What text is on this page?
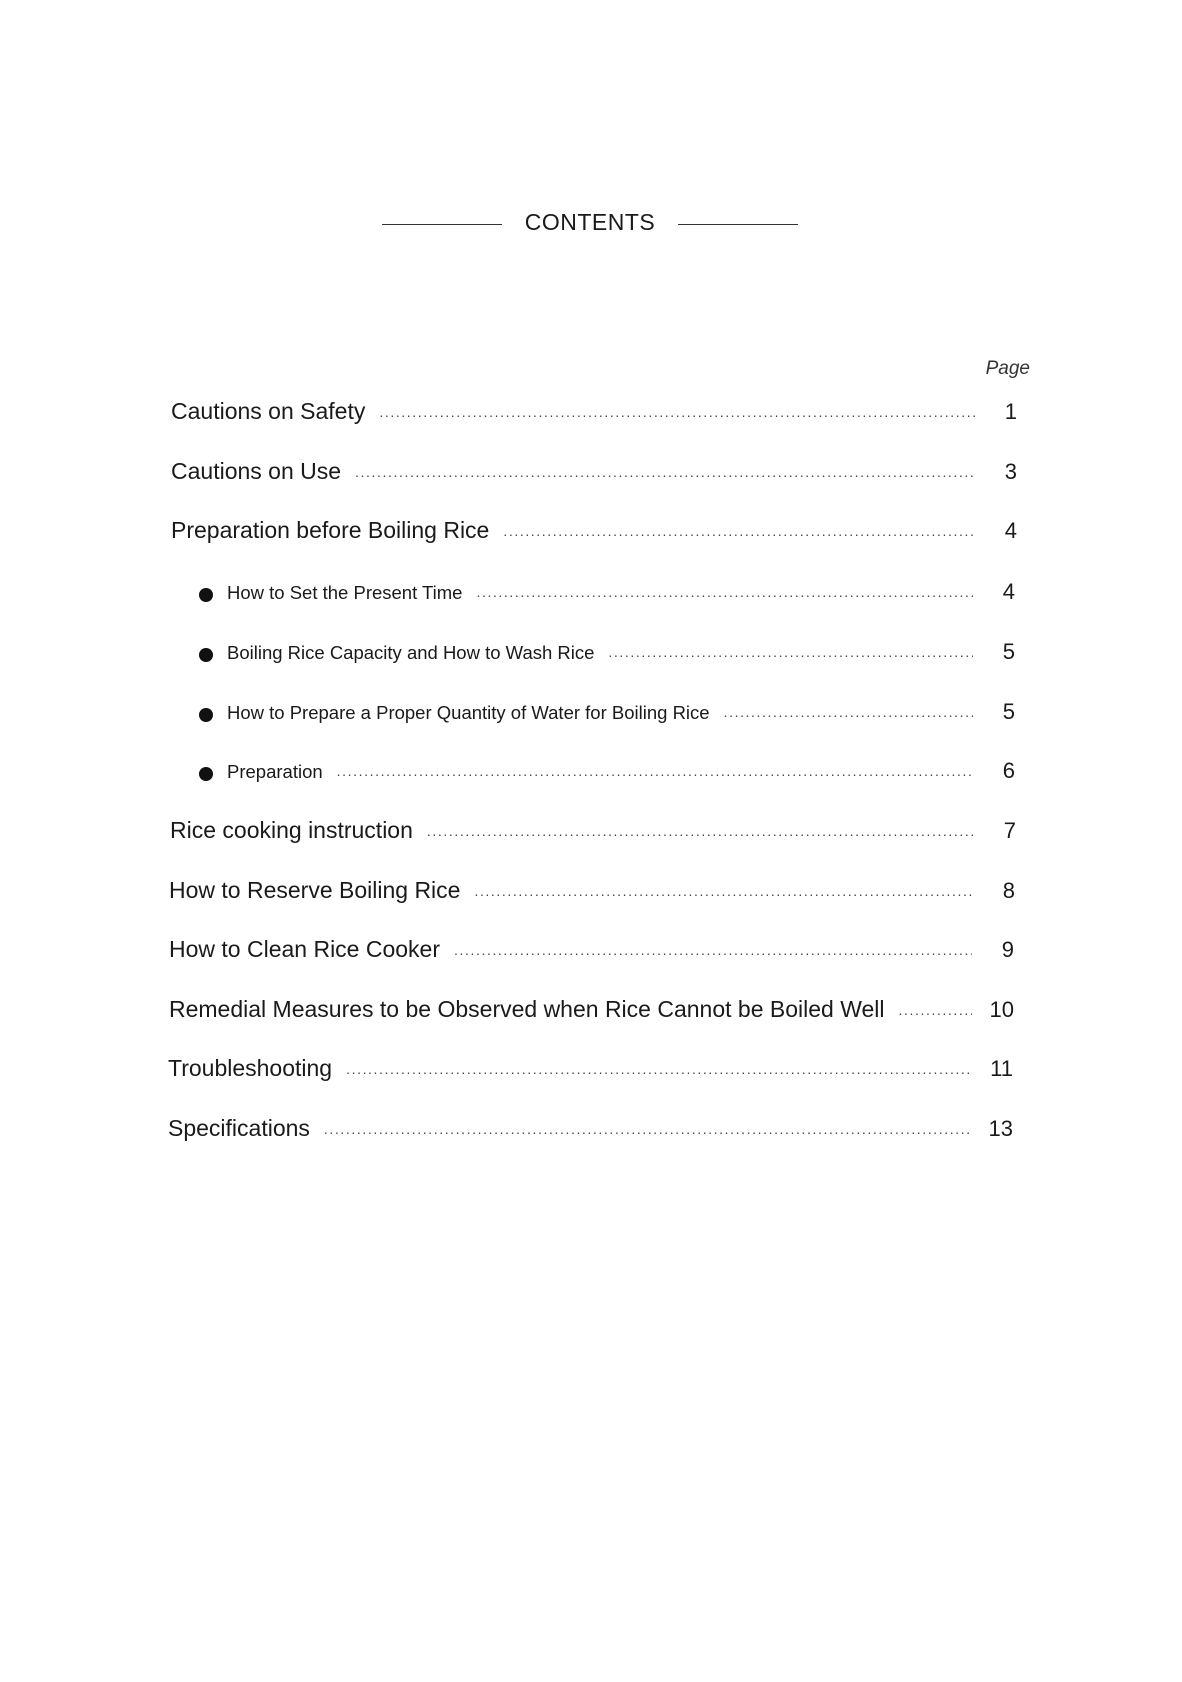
CONTENTS
Page
Cautions on Safety .....	1
Cautions on Use .....	3
Preparation before Boiling Rice .....	4
How to Set the Present Time .....	4
Boiling Rice Capacity and How to Wash Rice .....	5
How to Prepare a Proper Quantity of Water for Boiling Rice .....	5
Preparation .....	6
Rice cooking instruction .....	7
How to Reserve Boiling Rice .....	8
How to Clean Rice Cooker .....	9
Remedial Measures to be Observed when Rice Cannot be Boiled Well .....	10
Troubleshooting .....	11
Specifications .....	13
